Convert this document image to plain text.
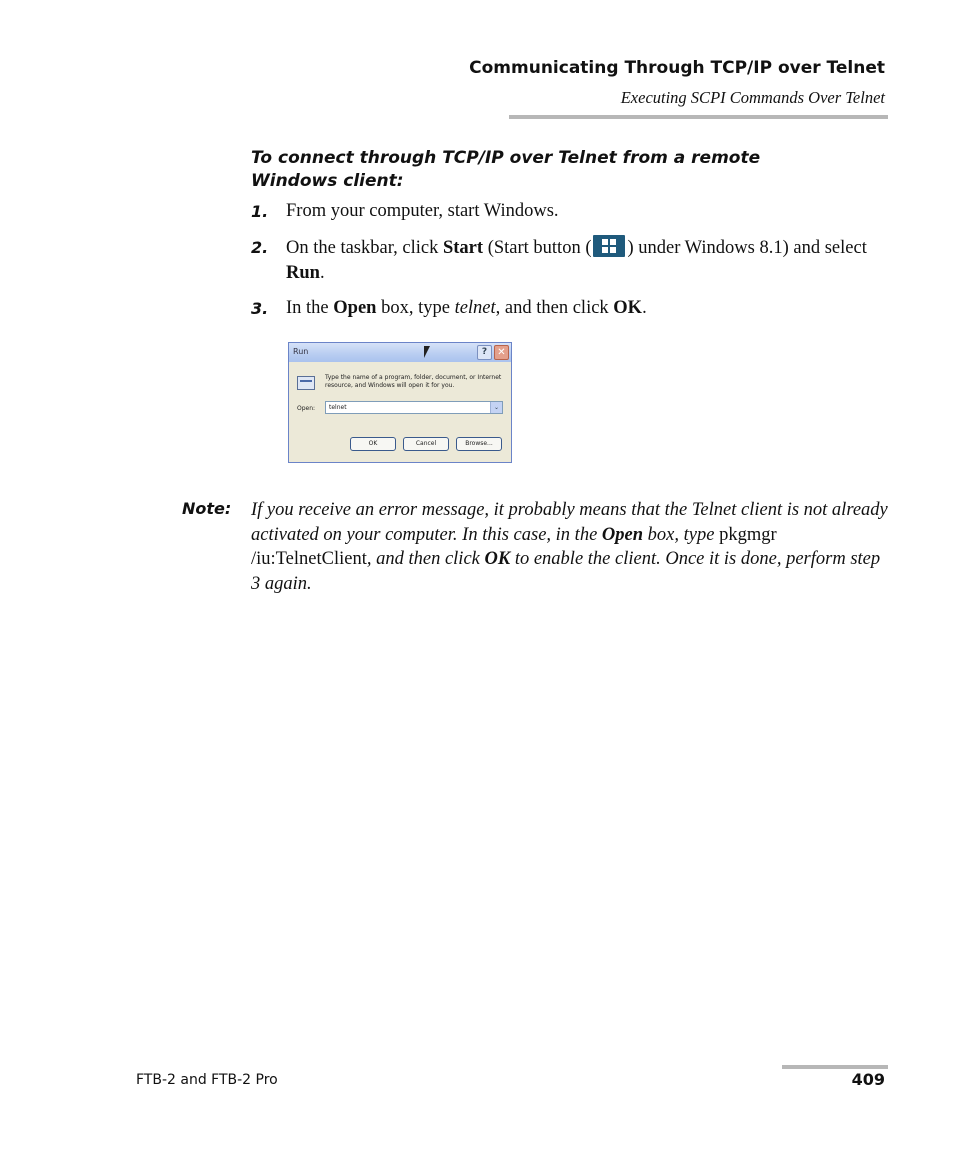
Communicating Through TCP/IP over Telnet
Executing SCPI Commands Over Telnet
To connect through TCP/IP over Telnet from a remote Windows client:
1. From your computer, start Windows.
2. On the taskbar, click Start (Start button ( ) under Windows 8.1) and select Run.
3. In the Open box, type telnet, and then click OK.
Run	?	✕
Type the name of a program, folder, document, or Internet resource, and Windows will open it for you.
Open:	telnet	⌄
OK	Cancel	Browse...
Note: If you receive an error message, it probably means that the Telnet client is not already activated on your computer. In this case, in the Open box, type pkgmgr /iu:TelnetClient, and then click OK to enable the client. Once it is done, perform step 3 again.
FTB-2 and FTB-2 Pro	409
